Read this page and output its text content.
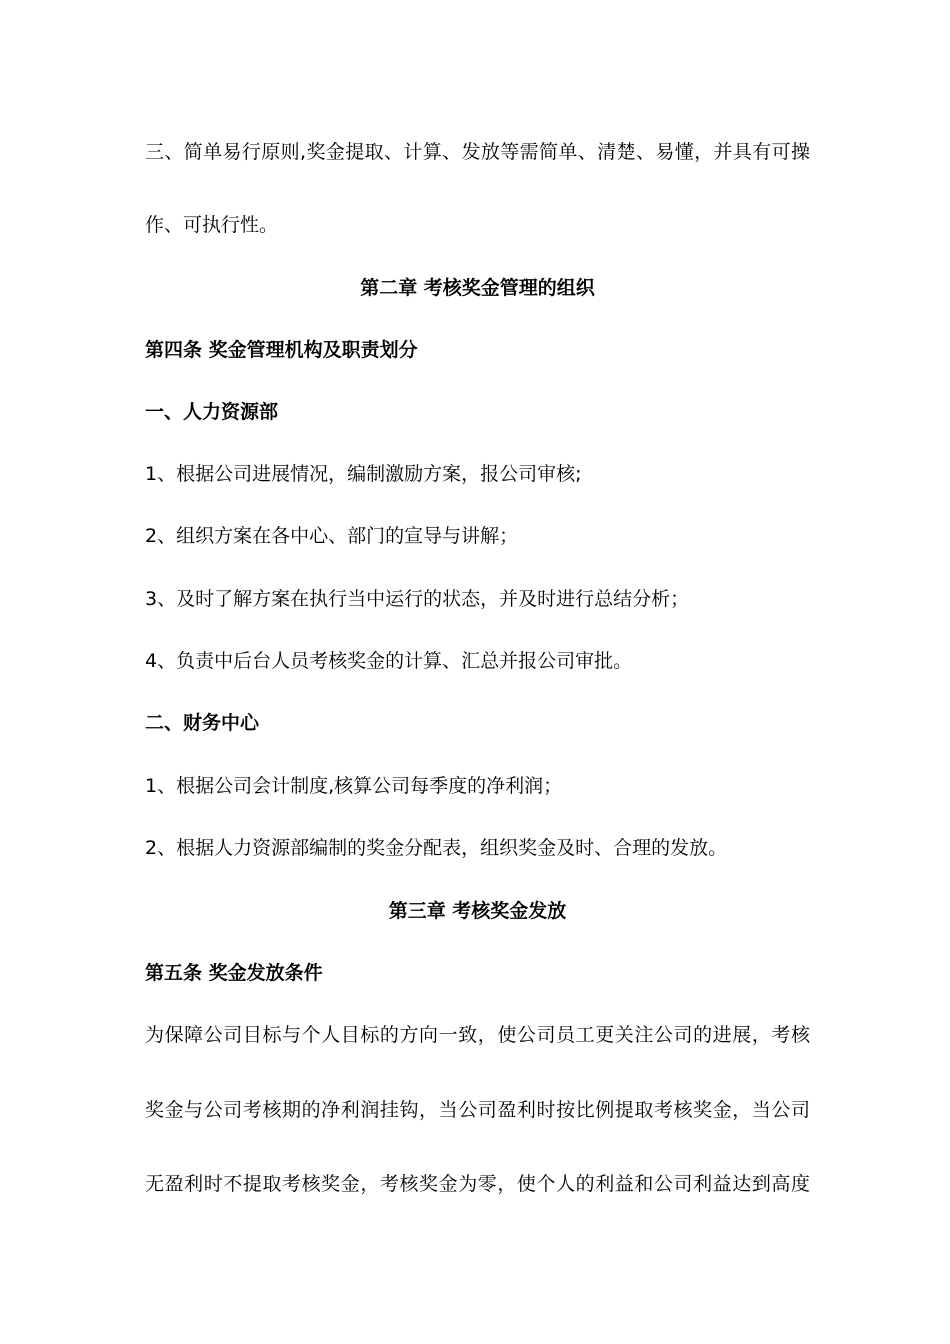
三、简单易行原则,奖金提取、计算、发放等需简单、清楚、易懂，并具有可操
作、可执行性。
第二章 考核奖金管理的组织
第四条 奖金管理机构及职责划分
一、人力资源部
1、根据公司进展情况，编制激励方案，报公司审核;
2、组织方案在各中心、部门的宣导与讲解；
3、及时了解方案在执行当中运行的状态，并及时进行总结分析；
4、负责中后台人员考核奖金的计算、汇总并报公司审批。
二、财务中心
1、根据公司会计制度,核算公司每季度的净利润；
2、根据人力资源部编制的奖金分配表，组织奖金及时、合理的发放。
第三章 考核奖金发放
第五条 奖金发放条件
为保障公司目标与个人目标的方向一致，使公司员工更关注公司的进展，考核
奖金与公司考核期的净利润挂钩，当公司盈利时按比例提取考核奖金，当公司
无盈利时不提取考核奖金，考核奖金为零，使个人的利益和公司利益达到高度
